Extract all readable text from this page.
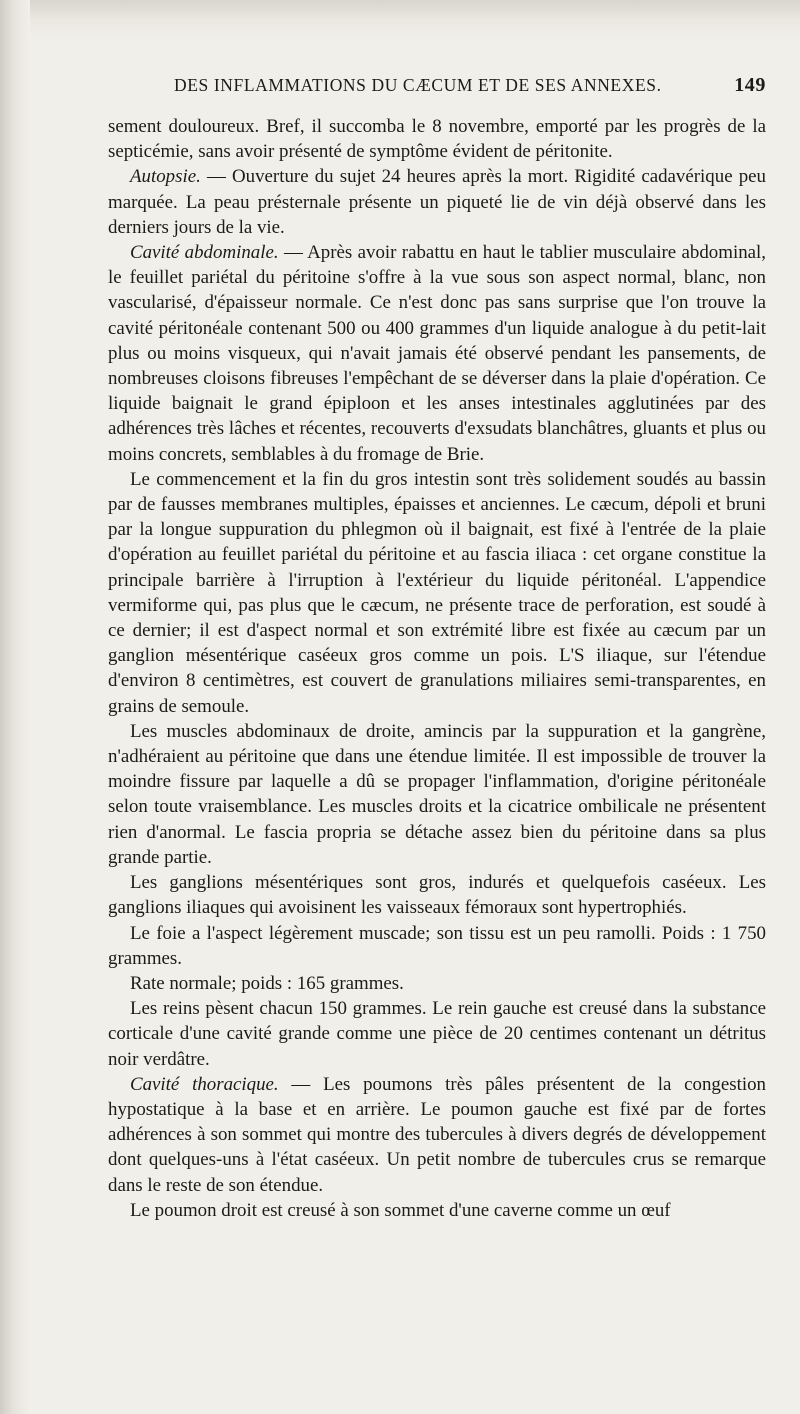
DES INFLAMMATIONS DU CÆCUM ET DE SES ANNEXES.	149

sement douloureux. Bref, il succomba le 8 novembre, emporté par les progrès de la septicémie, sans avoir présenté de symptôme évident de péritonite.

Autopsie. — Ouverture du sujet 24 heures après la mort. Rigidité cadavérique peu marquée. La peau présternale présente un piqueté lie de vin déjà observé dans les derniers jours de la vie.

Cavité abdominale. — Après avoir rabattu en haut le tablier musculaire abdominal, le feuillet pariétal du péritoine s'offre à la vue sous son aspect normal, blanc, non vascularisé, d'épaisseur normale. Ce n'est donc pas sans surprise que l'on trouve la cavité péritonéale contenant 500 ou 400 grammes d'un liquide analogue à du petit-lait plus ou moins visqueux, qui n'avait jamais été observé pendant les pansements, de nombreuses cloisons fibreuses l'empêchant de se déverser dans la plaie d'opération. Ce liquide baignait le grand épiploon et les anses intestinales agglutinées par des adhérences très lâches et récentes, recouverts d'exsudats blanchâtres, gluants et plus ou moins concrets, semblables à du fromage de Brie.

Le commencement et la fin du gros intestin sont très solidement soudés au bassin par de fausses membranes multiples, épaisses et anciennes. Le cæcum, dépoli et bruni par la longue suppuration du phlegmon où il baignait, est fixé à l'entrée de la plaie d'opération au feuillet pariétal du péritoine et au fascia iliaca : cet organe constitue la principale barrière à l'irruption à l'extérieur du liquide péritonéal. L'appendice vermiforme qui, pas plus que le cæcum, ne présente trace de perforation, est soudé à ce dernier; il est d'aspect normal et son extrémité libre est fixée au cæcum par un ganglion mésentérique caséeux gros comme un pois. L'S iliaque, sur l'étendue d'environ 8 centimètres, est couvert de granulations miliaires semi-transparentes, en grains de semoule.

Les muscles abdominaux de droite, amincis par la suppuration et la gangrène, n'adhéraient au péritoine que dans une étendue limitée. Il est impossible de trouver la moindre fissure par laquelle a dû se propager l'inflammation, d'origine péritonéale selon toute vraisemblance. Les muscles droits et la cicatrice ombilicale ne présentent rien d'anormal. Le fascia propria se détache assez bien du péritoine dans sa plus grande partie.

Les ganglions mésentériques sont gros, indurés et quelquefois caséeux. Les ganglions iliaques qui avoisinent les vaisseaux fémoraux sont hypertrophiés.

Le foie a l'aspect légèrement muscade; son tissu est un peu ramolli. Poids : 1 750 grammes.

Rate normale; poids : 165 grammes.

Les reins pèsent chacun 150 grammes. Le rein gauche est creusé dans la substance corticale d'une cavité grande comme une pièce de 20 centimes contenant un détritus noir verdâtre.

Cavité thoracique. — Les poumons très pâles présentent de la congestion hypostatique à la base et en arrière. Le poumon gauche est fixé par de fortes adhérences à son sommet qui montre des tubercules à divers degrés de développement dont quelques-uns à l'état caséeux. Un petit nombre de tubercules crus se remarque dans le reste de son étendue.

Le poumon droit est creusé à son sommet d'une caverne comme un œuf
